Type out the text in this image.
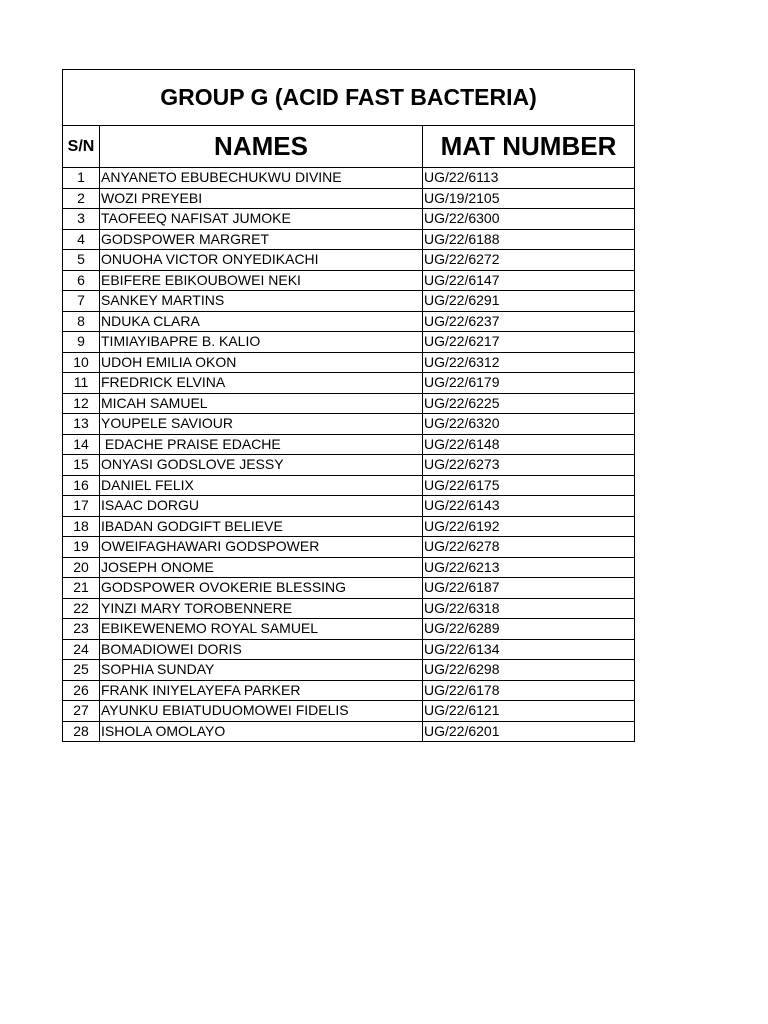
GROUP G (ACID FAST BACTERIA)
S/N	NAMES	MAT NUMBER
1	ANYANETO EBUBECHUKWU DIVINE	UG/22/6113
2	WOZI PREYEBI	UG/19/2105
3	TAOFEEQ NAFISAT JUMOKE	UG/22/6300
4	GODSPOWER MARGRET	UG/22/6188
5	ONUOHA VICTOR ONYEDIKACHI	UG/22/6272
6	EBIFERE EBIKOUBOWEI NEKI	UG/22/6147
7	SANKEY MARTINS	UG/22/6291
8	NDUKA CLARA	UG/22/6237
9	TIMIAYIBAPRE B. KALIO	UG/22/6217
10 UDOH EMILIA OKON	UG/22/6312
11 FREDRICK ELVINA	UG/22/6179
12 MICAH SAMUEL	UG/22/6225
13 YOUPELE SAVIOUR	UG/22/6320
14 EDACHE PRAISE EDACHE	UG/22/6148
15 ONYASI GODSLOVE JESSY	UG/22/6273
16 DANIEL FELIX	UG/22/6175
17 ISAAC DORGU	UG/22/6143
18 IBADAN GODGIFT BELIEVE	UG/22/6192
19 OWEIFAGHAWARI GODSPOWER	UG/22/6278
20 JOSEPH ONOME	UG/22/6213
21 GODSPOWER OVOKERIE BLESSING	UG/22/6187
22 YINZI MARY TOROBENNERE	UG/22/6318
23 EBIKEWENEMO ROYAL SAMUEL	UG/22/6289
24 BOMADIOWEI DORIS	UG/22/6134
25 SOPHIA SUNDAY	UG/22/6298
26 FRANK INIYELAYEFA PARKER	UG/22/6178
27 AYUNKU EBIATUDUOMOWEI FIDELIS	UG/22/6121
28 ISHOLA OMOLAYO	UG/22/6201
